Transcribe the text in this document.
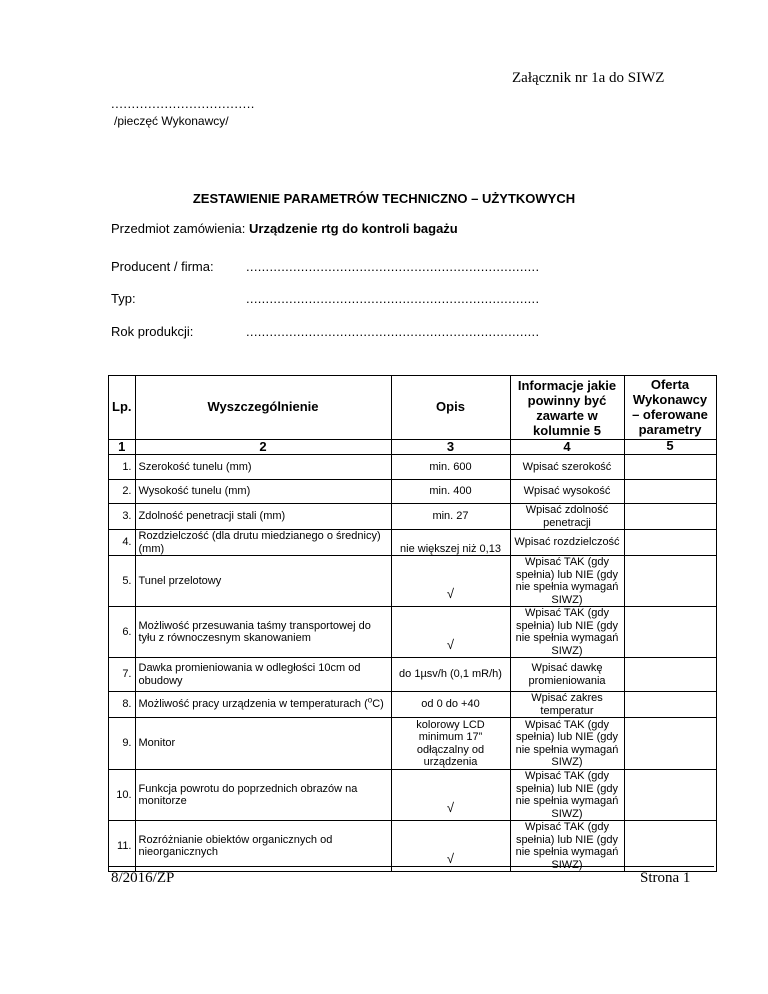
Załącznik nr 1a do SIWZ
...................................
/pieczęć Wykonawcy/
ZESTAWIENIE PARAMETRÓW TECHNICZNO – UŻYTKOWYCH
Przedmiot zamówienia: Urządzenie rtg do kontroli bagażu
Producent / firma: ...........................................................................
Typ:	...........................................................................
Rok produkcji:	...........................................................................
Lp.	Wyszczególnienie	Opis	Informacje jakie powinny być zawarte w kolumnie 5	Oferta Wykonawcy – oferowane parametry
1	2	3	4	5
1.	Szerokość tunelu (mm)	min. 600	Wpisać szerokość	
2.	Wysokość tunelu (mm)	min. 400	Wpisać wysokość	
3.	Zdolność penetracji stali (mm)	min. 27	Wpisać zdolność penetracji	
4.	Rozdzielczość (dla drutu miedzianego o średnicy) (mm)	nie większej niż 0,13	Wpisać rozdzielczość	
5.	Tunel przelotowy	√	Wpisać TAK (gdy spełnia) lub NIE (gdy nie spełnia wymagań SIWZ)	
6.	Możliwość przesuwania taśmy transportowej do tyłu z równoczesnym skanowaniem	√	Wpisać TAK (gdy spełnia) lub NIE (gdy nie spełnia wymagań SIWZ)	
7.	Dawka promieniowania w odległości 10cm od obudowy	do 1µsv/h (0,1 mR/h)	Wpisać dawkę promieniowania	
8.	Możliwość pracy urządzenia w temperaturach ($^o$C)	od 0 do +40	Wpisać zakres temperatur	
9.	Monitor	kolorowy LCD minimum 17” odłączalny od urządzenia	Wpisać TAK (gdy spełnia) lub NIE (gdy nie spełnia wymagań SIWZ)	
10.	Funkcja powrotu do poprzednich obrazów na monitorze	√	Wpisać TAK (gdy spełnia) lub NIE (gdy nie spełnia wymagań SIWZ)	
11.	Rozróżnianie obiektów organicznych od nieorganicznych	√	Wpisać TAK (gdy spełnia) lub NIE (gdy nie spełnia wymagań SIWZ)	
8/2016/ZP	Strona 1
